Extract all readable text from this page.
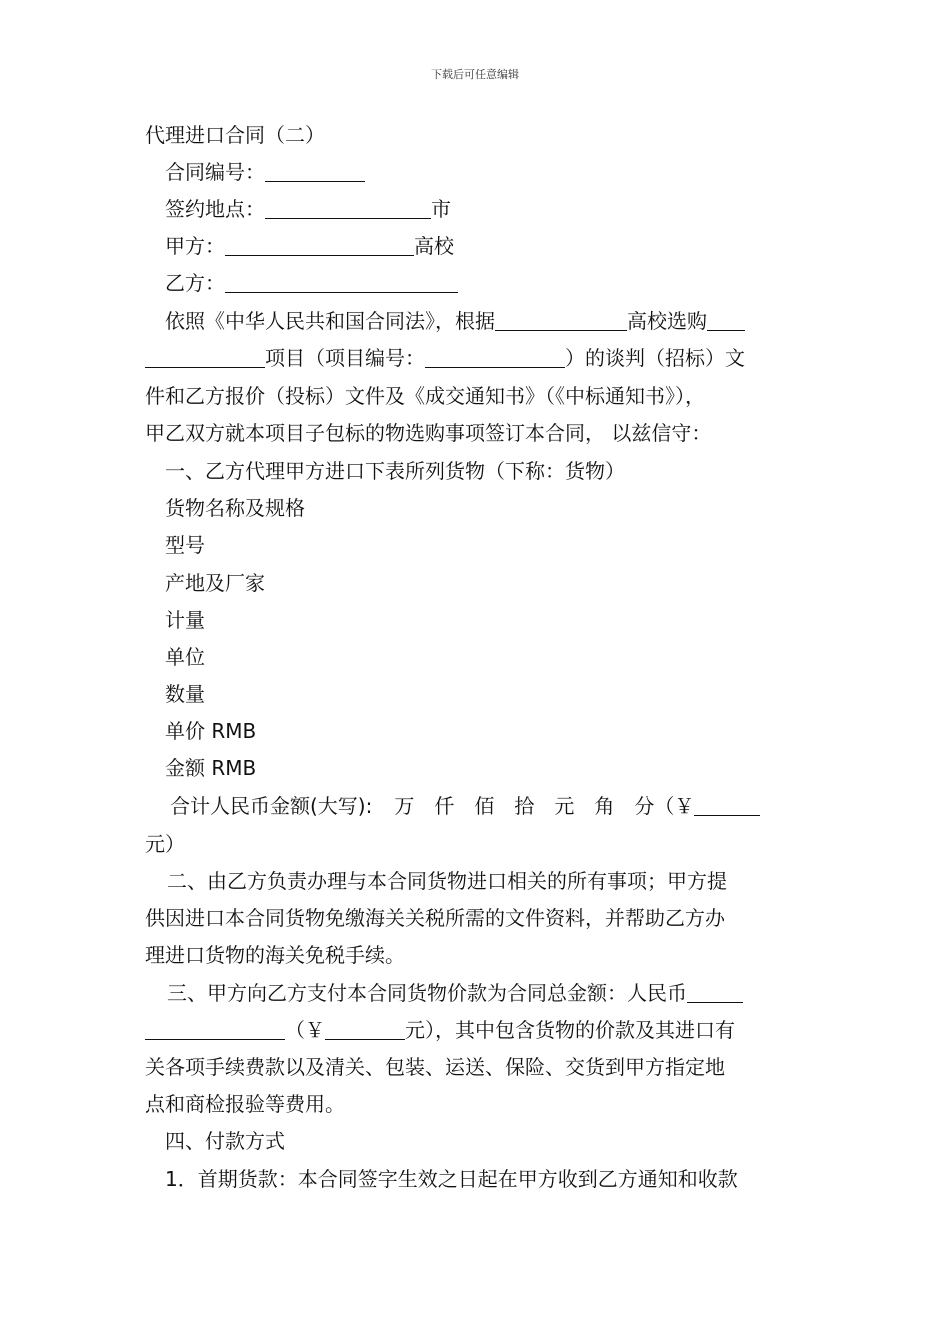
下载后可任意编辑
代理进口合同（二）
合同编号：
签约地点：	市
甲方：	高校
乙方：
依照《中华人民共和国合同法》，根据	高校选购
项目（项目编号：	）的谈判（招标）文
件和乙方报价（投标）文件及《成交通知书》（《中标通知书》），
甲乙双方就本项目子包标的物选购事项签订本合同， 以兹信守：
一、乙方代理甲方进口下表所列货物（下称：货物）
货物名称及规格
型号
产地及厂家
计量
单位
数量
单价 RMB
金额 RMB
合计人民币金额(大写): 万 仟 佰 拾 元 角 分（￥
元）
二、由乙方负责办理与本合同货物进口相关的所有事项；甲方提
供因进口本合同货物免缴海关关税所需的文件资料，并帮助乙方办
理进口货物的海关免税手续。
三、甲方向乙方支付本合同货物价款为合同总金额：人民币
（￥	元），其中包含货物的价款及其进口有
关各项手续费款以及清关、包装、运送、保险、交货到甲方指定地
点和商检报验等费用。
四、付款方式
1．首期货款：本合同签字生效之日起在甲方收到乙方通知和收款
